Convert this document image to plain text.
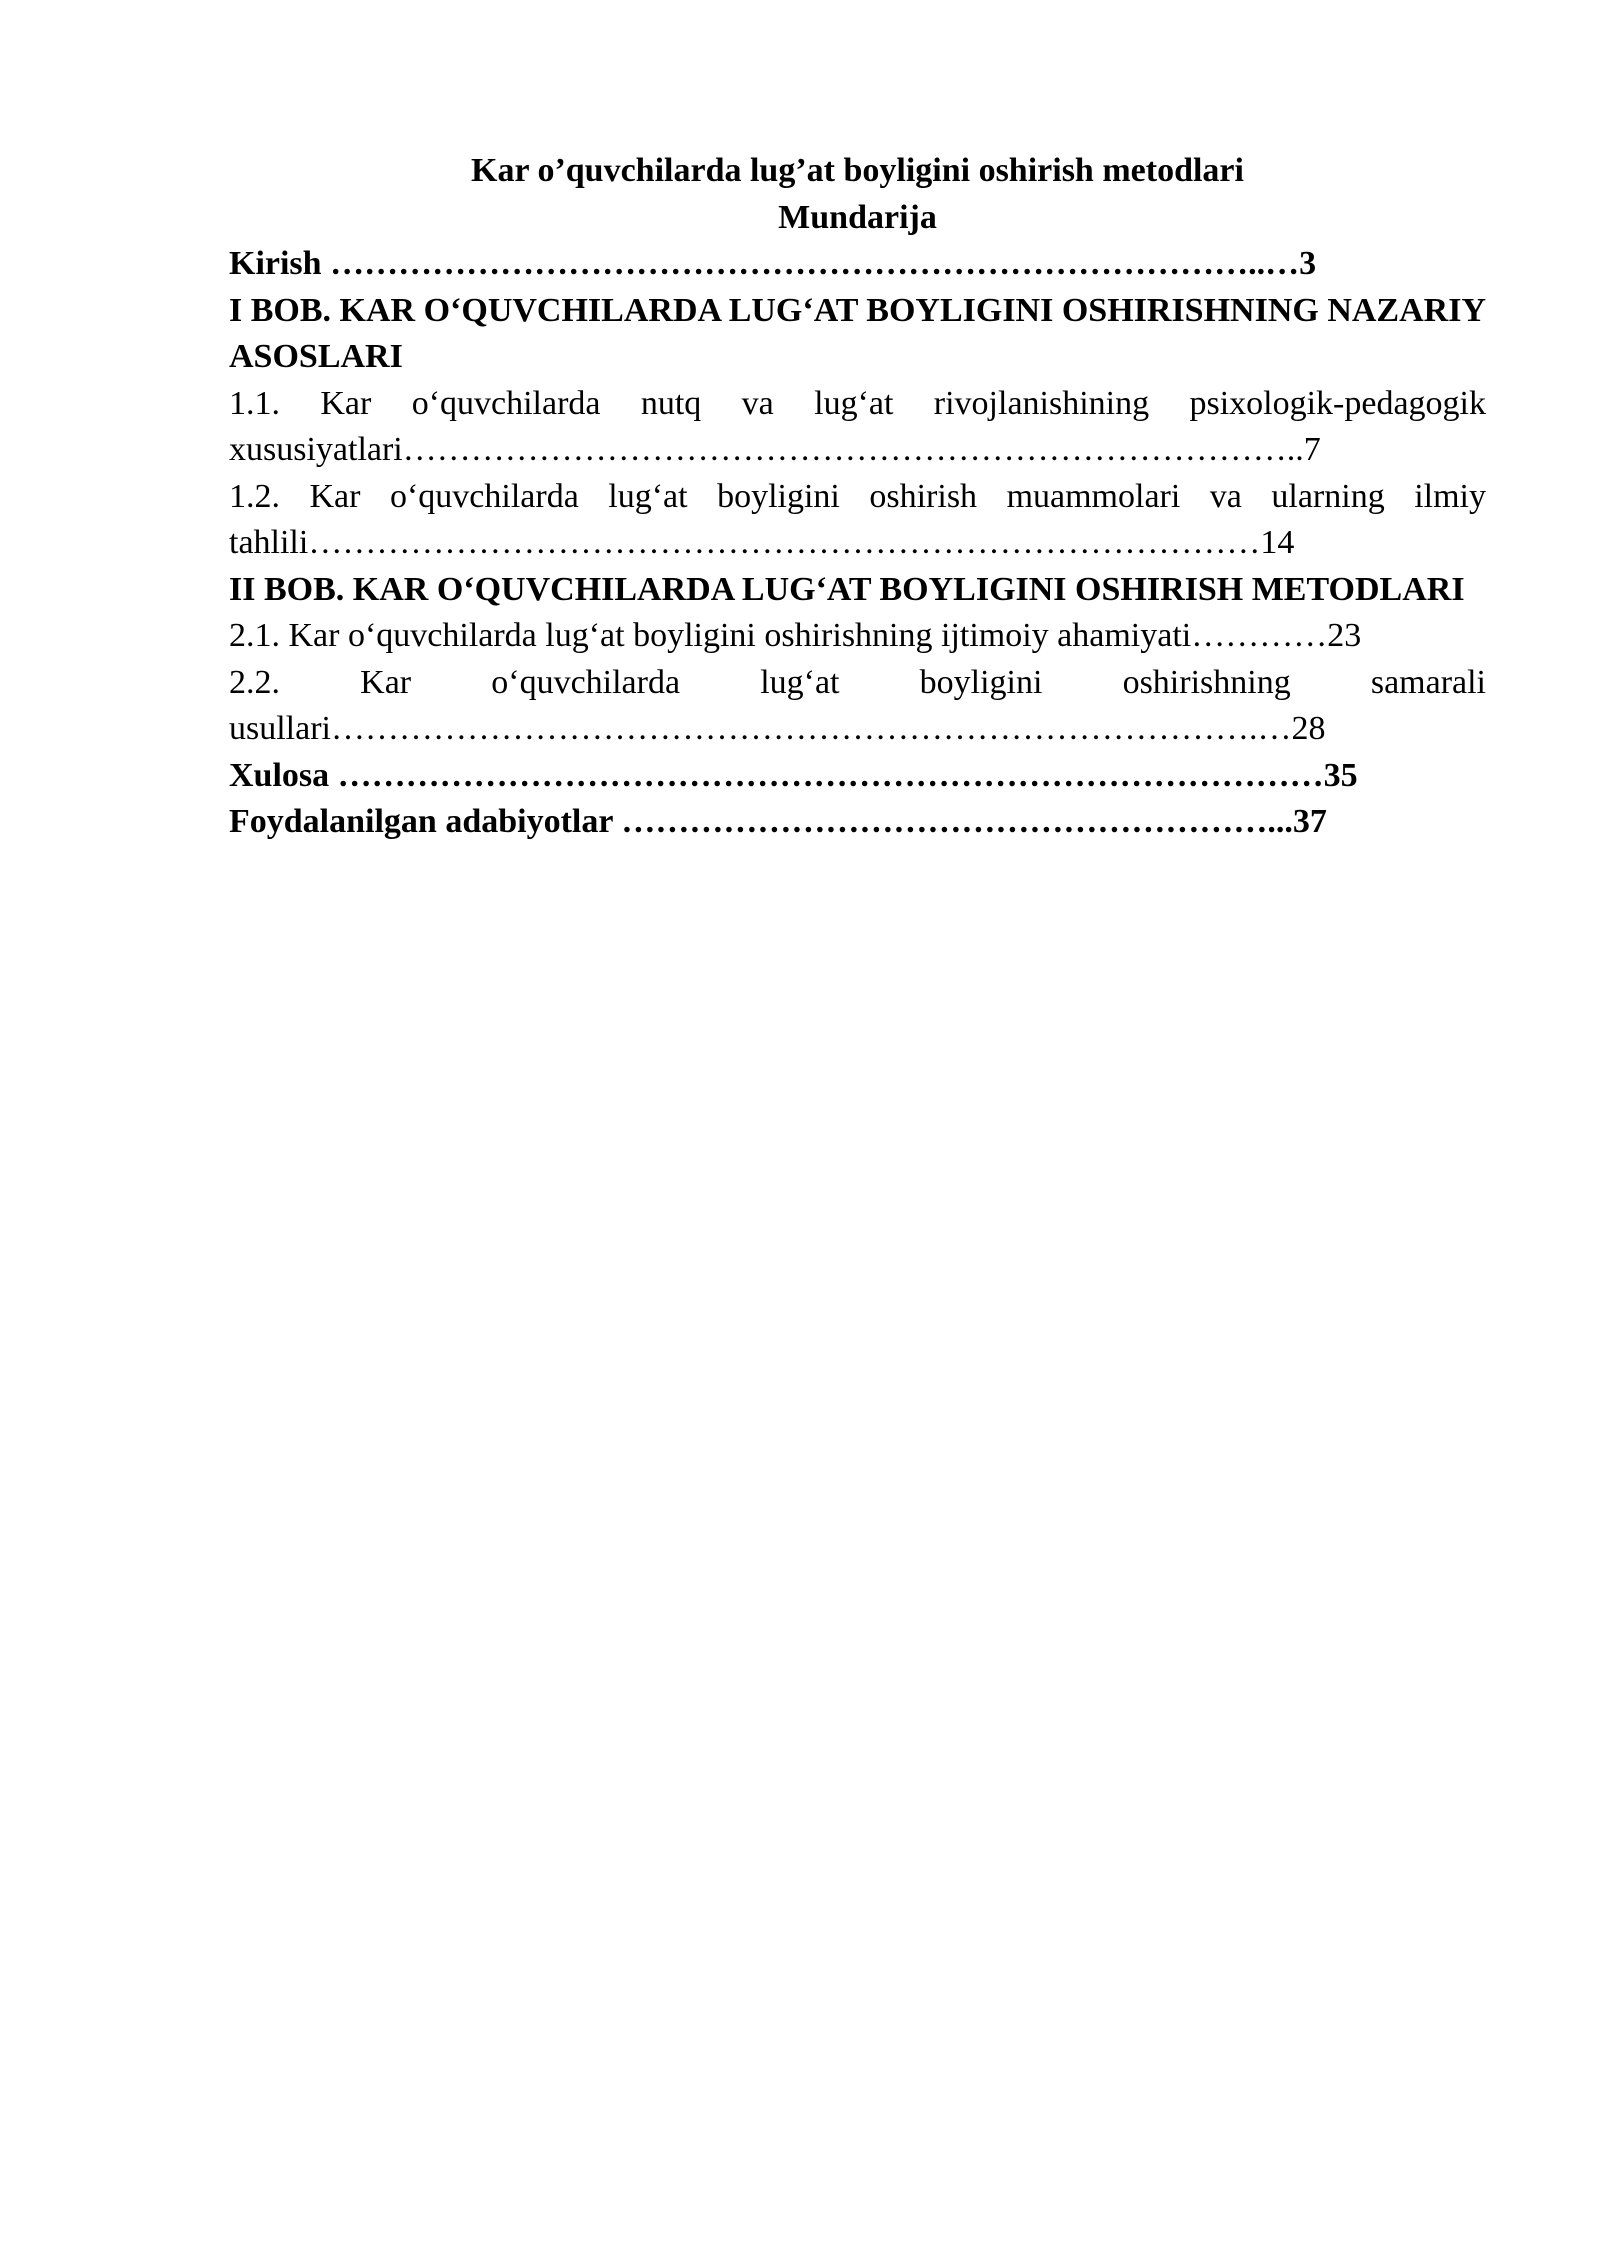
Kar o’quvchilarda lug’at boyligini oshirish metodlari

Mundarija

Kirish ………………………………………………………………………..…3

I BOB. KAR O‘QUVCHILARDA LUG‘AT BOYLIGINI OSHIRISHNING NAZARIY ASOSLARI

1.1. Kar o‘quvchilarda nutq va lug‘at rivojlanishining psixologik-pedagogik xususiyatlari……………………………………………………………………..7

1.2. Kar o‘quvchilarda lug‘at boyligini oshirish muammolari va ularning ilmiy tahlili…………………………………………………………………………14

II BOB. KAR O‘QUVCHILARDA LUG‘AT BOYLIGINI OSHIRISH METODLARI

2.1. Kar o‘quvchilarda lug‘at boyligini oshirishning ijtimoiy ahamiyati…………23

2.2. Kar o‘quvchilarda lug‘at boyligini oshirishning samarali usullari……………………………………………………………………….…28

Xulosa ……………………………………………………………………………35

Foydalanilgan adabiyotlar …………………………………………………...37
